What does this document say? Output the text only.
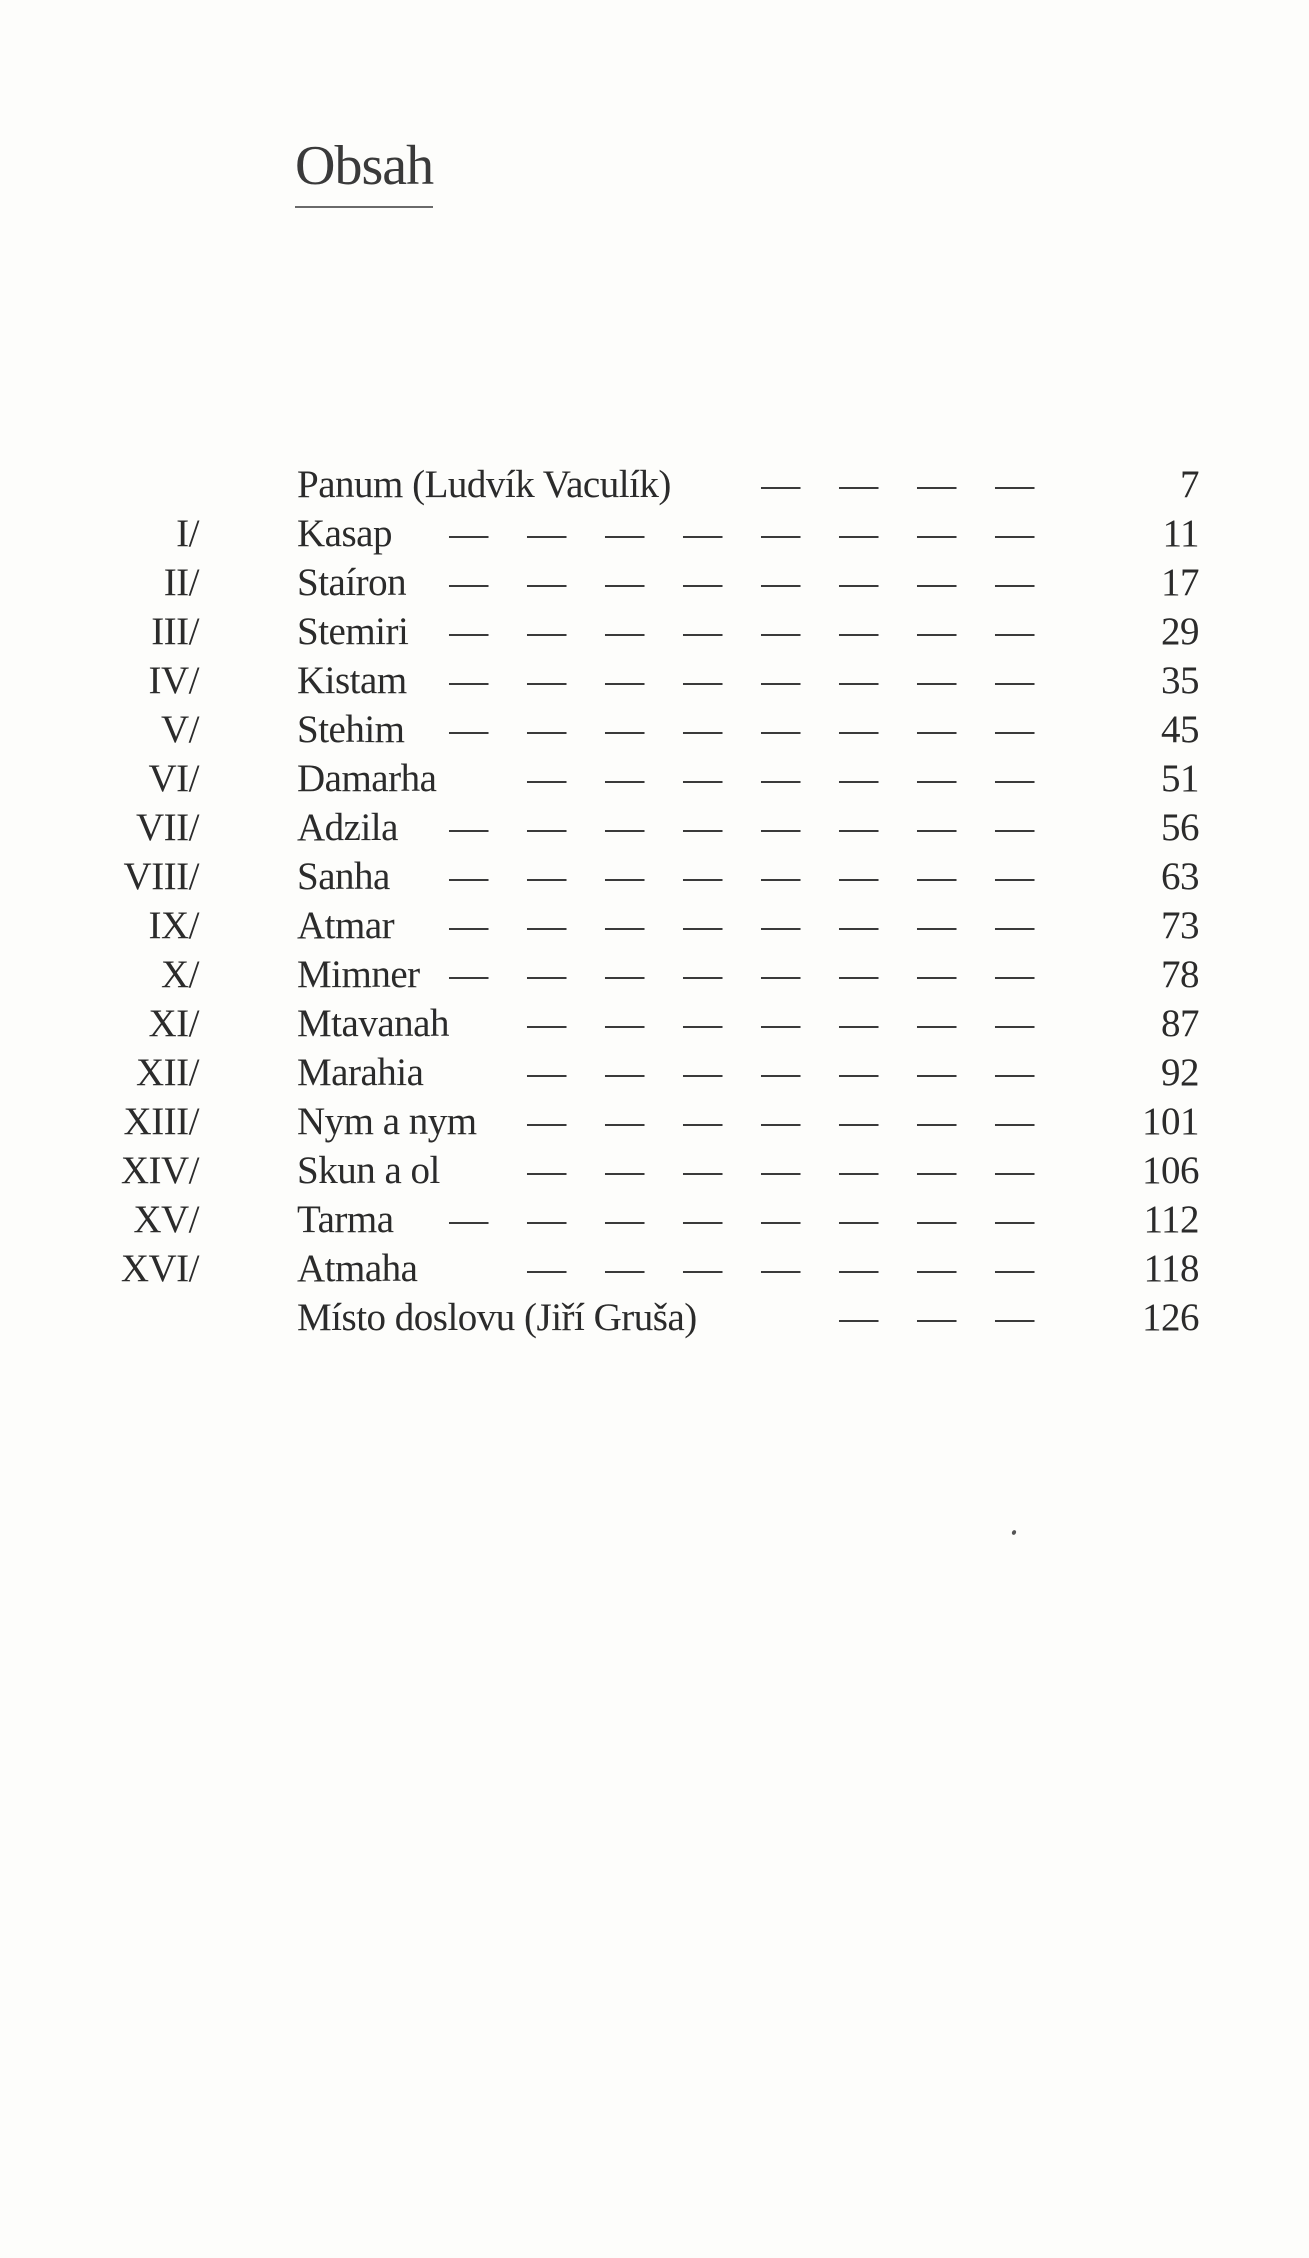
Obsah
Panum (Ludvík Vaculík)	— — — —	7
I/	Kasap	— — — — — — — —	11
II/	Staíron	— — — — — — — —	17
III/	Stemiri	— — — — — — — —	29
IV/	Kistam	— — — — — — — —	35
V/	Stehim	— — — — — — — —	45
VI/	Damarha	— — — — — — —	51
VII/	Adzila	— — — — — — — —	56
VIII/	Sanha	— — — — — — — —	63
IX/	Atmar	— — — — — — — —	73
X/	Mimner — — — — — — — —	78
XI/	Mtavanah	— — — — — — —	87
XII/	Marahia	— — — — — — —	92
XIII/	Nym a nym	— — — — — — —	101
XIV/	Skun a ol	— — — — — — —	106
XV/	Tarma	— — — — — — — —	112
XVI/	Atmaha	— — — — — — —	118
Místo doslovu (Jiří Gruša)	— — —	126
